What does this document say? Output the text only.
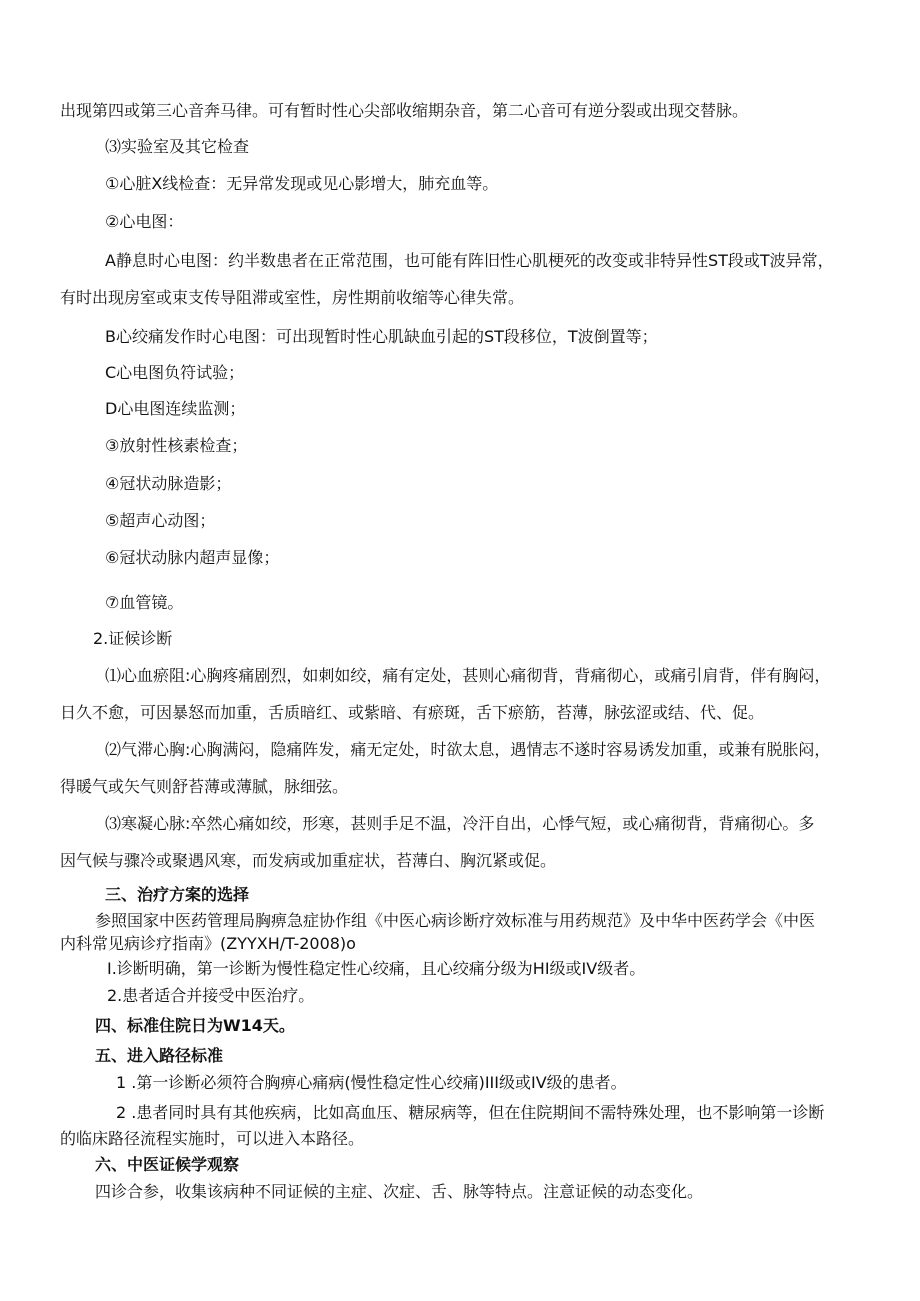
出现第四或第三心音奔马律。可有暂时性心尖部收缩期杂音，第二心音可有逆分裂或出现交替脉。
⑶实验室及其它检查
①心脏X线检查：无异常发现或见心影增大，肺充血等。
②心电图：
A静息时心电图：约半数患者在正常范围，也可能有阵旧性心肌梗死的改变或非特异性ST段或T波异常，
有时出现房室或束支传导阻滞或室性，房性期前收缩等心律失常。
B心绞痛发作时心电图：可出现暂时性心肌缺血引起的ST段移位，T波倒置等；
C心电图负符试验；
D心电图连续监测；
③放射性核素检查；
④冠状动脉造影；
⑤超声心动图；
⑥冠状动脉内超声显像；
⑦血管镜。
2.证候诊断
⑴心血瘀阻:心胸疼痛剧烈，如刺如绞，痛有定处，甚则心痛彻背，背痛彻心，或痛引肩背，伴有胸闷，
日久不愈，可因暴怒而加重，舌质暗红、或紫暗、有瘀斑，舌下瘀筋，苔薄，脉弦涩或结、代、促。
⑵气滞心胸:心胸满闷，隐痛阵发，痛无定处，时欲太息，遇情志不遂时容易诱发加重，或兼有脱胀闷，
得暖气或矢气则舒苔薄或薄腻，脉细弦。
⑶寒凝心脉:卒然心痛如绞，形寒，甚则手足不温，冷汗自出，心悸气短，或心痛彻背，背痛彻心。多
因气候与骤冷或聚遇风寒，而发病或加重症状，苔薄白、胸沉紧或促。
三、治疗方案的选择
参照国家中医药管理局胸痹急症协作组《中医心病诊断疗效标准与用药规范》及中华中医药学会《中医
内科常见病诊疗指南》(ZYYXH/T-2008)o
I.诊断明确，第一诊断为慢性稳定性心绞痛，且心绞痛分级为HI级或IV级者。
2.患者适合并接受中医治疗。
四、标准住院日为W14天。
五、进入路径标准
1 .第一诊断必须符合胸痹心痛病(慢性稳定性心绞痛)III级或IV级的患者。
2 .患者同时具有其他疾病，比如高血压、糖尿病等，但在住院期间不需特殊处理，也不影响第一诊断
的临床路径流程实施时，可以进入本路径。
六、中医证候学观察
四诊合参，收集该病种不同证候的主症、次症、舌、脉等特点。注意证候的动态变化。
